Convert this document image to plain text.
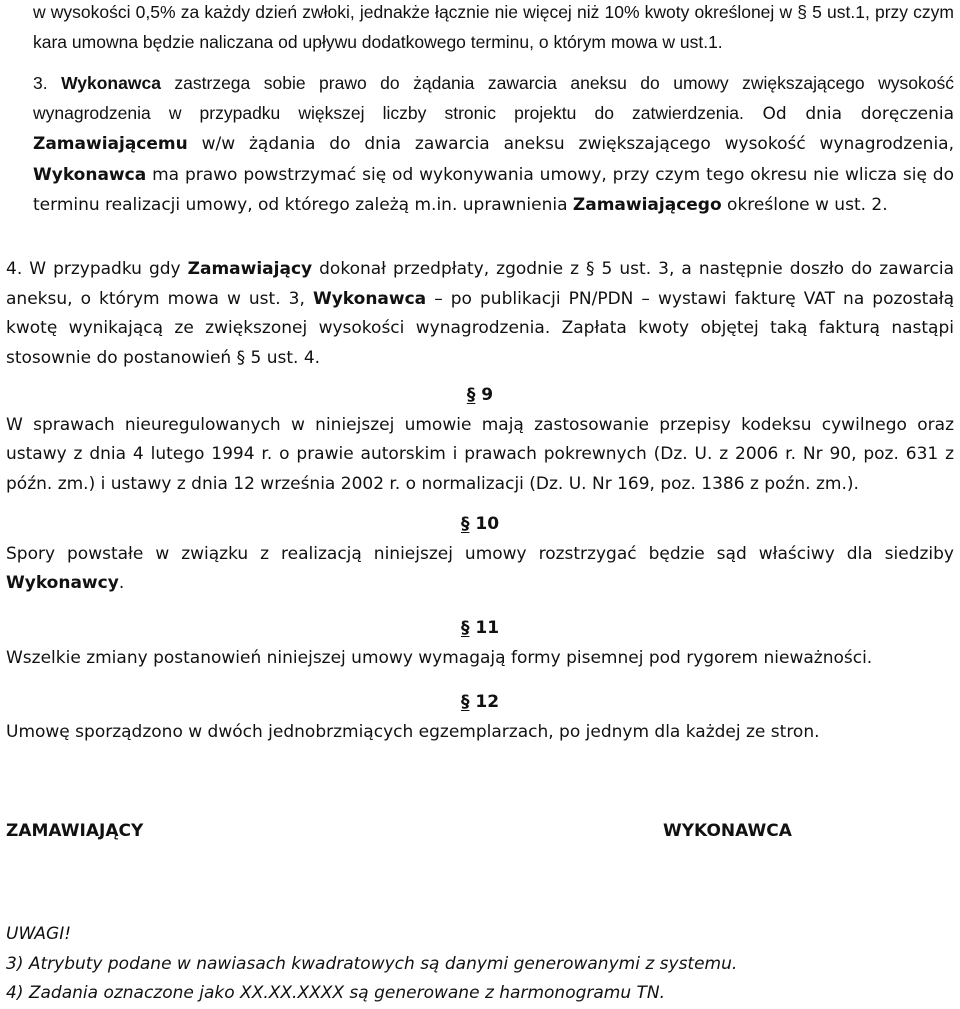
w wysokości 0,5% za każdy dzień zwłoki, jednakże łącznie nie więcej niż 10% kwoty określonej w § 5 ust.1, przy czym kara umowna będzie naliczana od upływu dodatkowego terminu, o którym mowa w ust.1.

3. Wykonawca zastrzega sobie prawo do żądania zawarcia aneksu do umowy zwiększającego wysokość wynagrodzenia w przypadku większej liczby stronic projektu do zatwierdzenia. Od dnia doręczenia Zamawiającemu w/w żądania do dnia zawarcia aneksu zwiększającego wysokość wynagrodzenia, Wykonawca ma prawo powstrzymać się od wykonywania umowy, przy czym tego okresu nie wlicza się do terminu realizacji umowy, od którego zależą m.in. uprawnienia Zamawiającego określone w ust. 2.

4. W przypadku gdy Zamawiający dokonał przedpłaty, zgodnie z § 5 ust. 3, a następnie doszło do zawarcia aneksu, o którym mowa w ust. 3, Wykonawca – po publikacji PN/PDN – wystawi fakturę VAT na pozostałą kwotę wynikającą ze zwiększonej wysokości wynagrodzenia. Zapłata kwoty objętej taką fakturą nastąpi stosownie do postanowień § 5 ust. 4.

§ 9

W sprawach nieuregulowanych w niniejszej umowie mają zastosowanie przepisy kodeksu cywilnego oraz ustawy z dnia 4 lutego 1994 r. o prawie autorskim i prawach pokrewnych (Dz. U. z 2006 r. Nr 90, poz. 631 z późn. zm.) i ustawy z dnia 12 września 2002 r. o normalizacji (Dz. U. Nr 169, poz. 1386 z poźn. zm.).

§ 10

Spory powstałe w związku z realizacją niniejszej umowy rozstrzygać będzie sąd właściwy dla siedziby Wykonawcy.

§ 11

Wszelkie zmiany postanowień niniejszej umowy wymagają formy pisemnej pod rygorem nieważności.

§ 12

Umowę sporządzono w dwóch jednobrzmiących egzemplarzach, po jednym dla każdej ze stron.

ZAMAWIAJĄCY	WYKONAWCA

UWAGI!

3) Atrybuty podane w nawiasach kwadratowych są danymi generowanymi z systemu.

4) Zadania oznaczone jako XX.XX.XXXX są generowane z harmonogramu TN.
